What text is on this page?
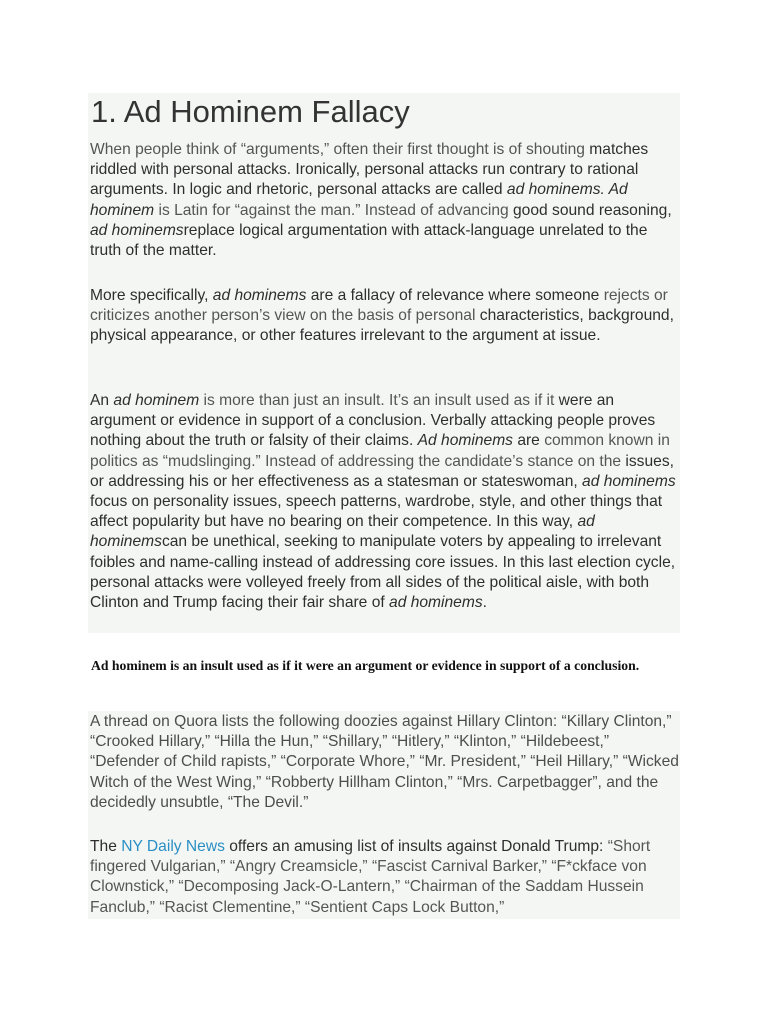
1. Ad Hominem Fallacy

When people think of “arguments,” often their first thought is of shouting matches riddled with personal attacks. Ironically, personal attacks run contrary to rational arguments. In logic and rhetoric, personal attacks are called ad hominems. Ad hominem is Latin for “against the man.” Instead of advancing good sound reasoning, ad hominemsreplace logical argumentation with attack-language unrelated to the truth of the matter.

More specifically, ad hominems are a fallacy of relevance where someone rejects or criticizes another person’s view on the basis of personal characteristics, background, physical appearance, or other features irrelevant to the argument at issue.

An ad hominem is more than just an insult. It’s an insult used as if it were an argument or evidence in support of a conclusion. Verbally attacking people proves nothing about the truth or falsity of their claims. Ad hominems are common known in politics as “mudslinging.” Instead of addressing the candidate’s stance on the issues, or addressing his or her effectiveness as a statesman or stateswoman, ad hominems focus on personality issues, speech patterns, wardrobe, style, and other things that affect popularity but have no bearing on their competence. In this way, ad hominemscan be unethical, seeking to manipulate voters by appealing to irrelevant foibles and name-calling instead of addressing core issues. In this last election cycle, personal attacks were volleyed freely from all sides of the political aisle, with both Clinton and Trump facing their fair share of ad hominems.

Ad hominem is an insult used as if it were an argument or evidence in support of a conclusion.

A thread on Quora lists the following doozies against Hillary Clinton: “Killary Clinton,” “Crooked Hillary,” “Hilla the Hun,” “Shillary,” “Hitlery,” “Klinton,” “Hildebeest,” “Defender of Child rapists,” “Corporate Whore,” “Mr. President,” “Heil Hillary,” “Wicked Witch of the West Wing,” “Robberty Hillham Clinton,” “Mrs. Carpetbagger”, and the decidedly unsubtle, “The Devil.”

The NY Daily News offers an amusing list of insults against Donald Trump: “Short fingered Vulgarian,” “Angry Creamsicle,” “Fascist Carnival Barker,” “F*ckface von Clownstick,” “Decomposing Jack-O-Lantern,” “Chairman of the Saddam Hussein Fanclub,” “Racist Clementine,” “Sentient Caps Lock Button,”
